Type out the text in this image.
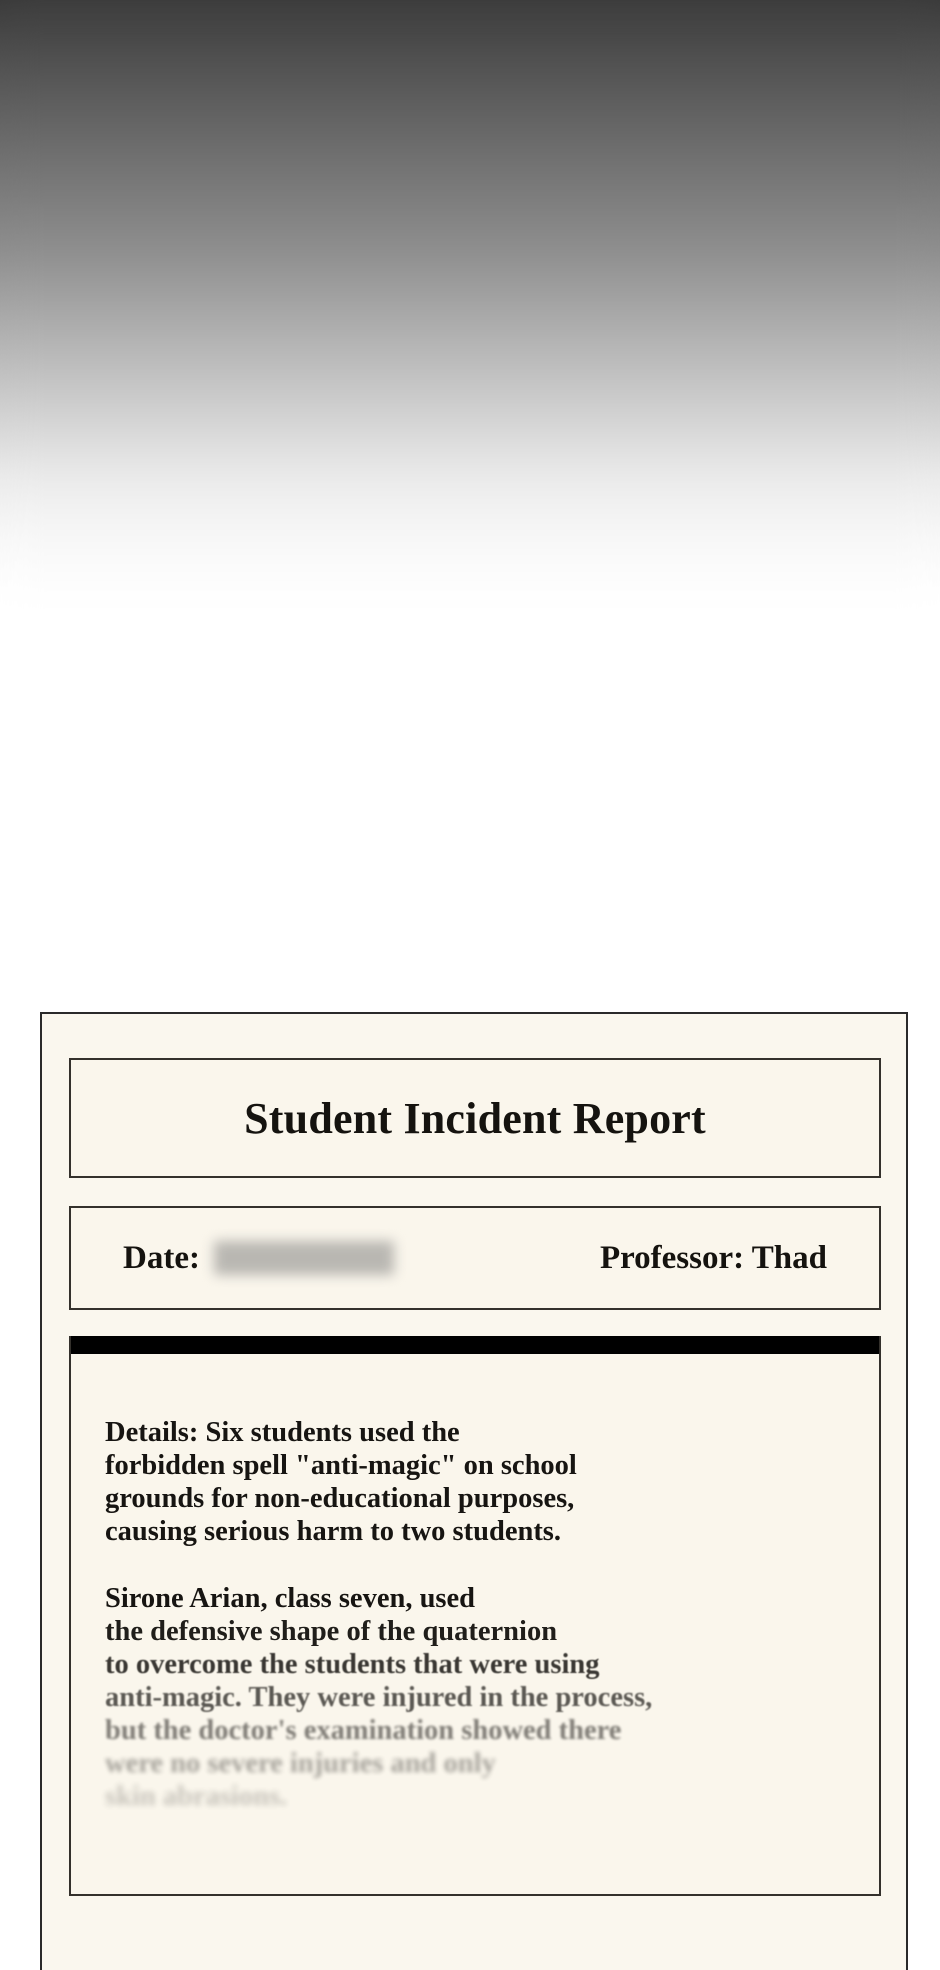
Student Incident Report
Date:	Professor: Thad

Details: Six students used the
forbidden spell "anti-magic" on school
grounds for non-educational purposes,
causing serious harm to two students.

Sirone Arian, class seven, used
the defensive shape of the quaternion
to overcome the students that were using
anti-magic. They were injured in the process,
but the doctor's examination showed there
were no severe injuries and only
skin abrasions.
